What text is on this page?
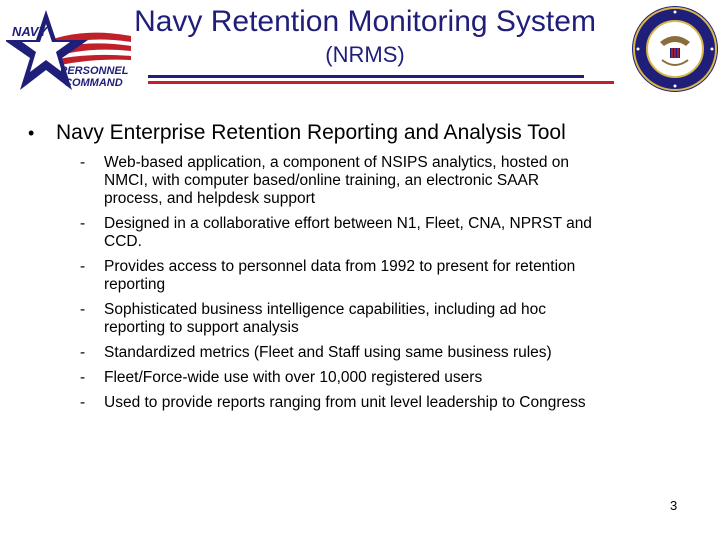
NAVY
PERSONNEL
COMMAND
Navy Retention Monitoring System
(NRMS)
• Navy Enterprise Retention Reporting and Analysis Tool
- Web-based application, a component of NSIPS analytics, hosted on
NMCI, with computer based/online training, an electronic SAAR
process, and helpdesk support
- Designed in a collaborative effort between N1, Fleet, CNA, NPRST and
CCD.
- Provides access to personnel data from 1992 to present for retention
reporting
- Sophisticated business intelligence capabilities, including ad hoc
reporting to support analysis
- Standardized metrics (Fleet and Staff using same business rules)
- Fleet/Force-wide use with over 10,000 registered users
- Used to provide reports ranging from unit level leadership to Congress
3
